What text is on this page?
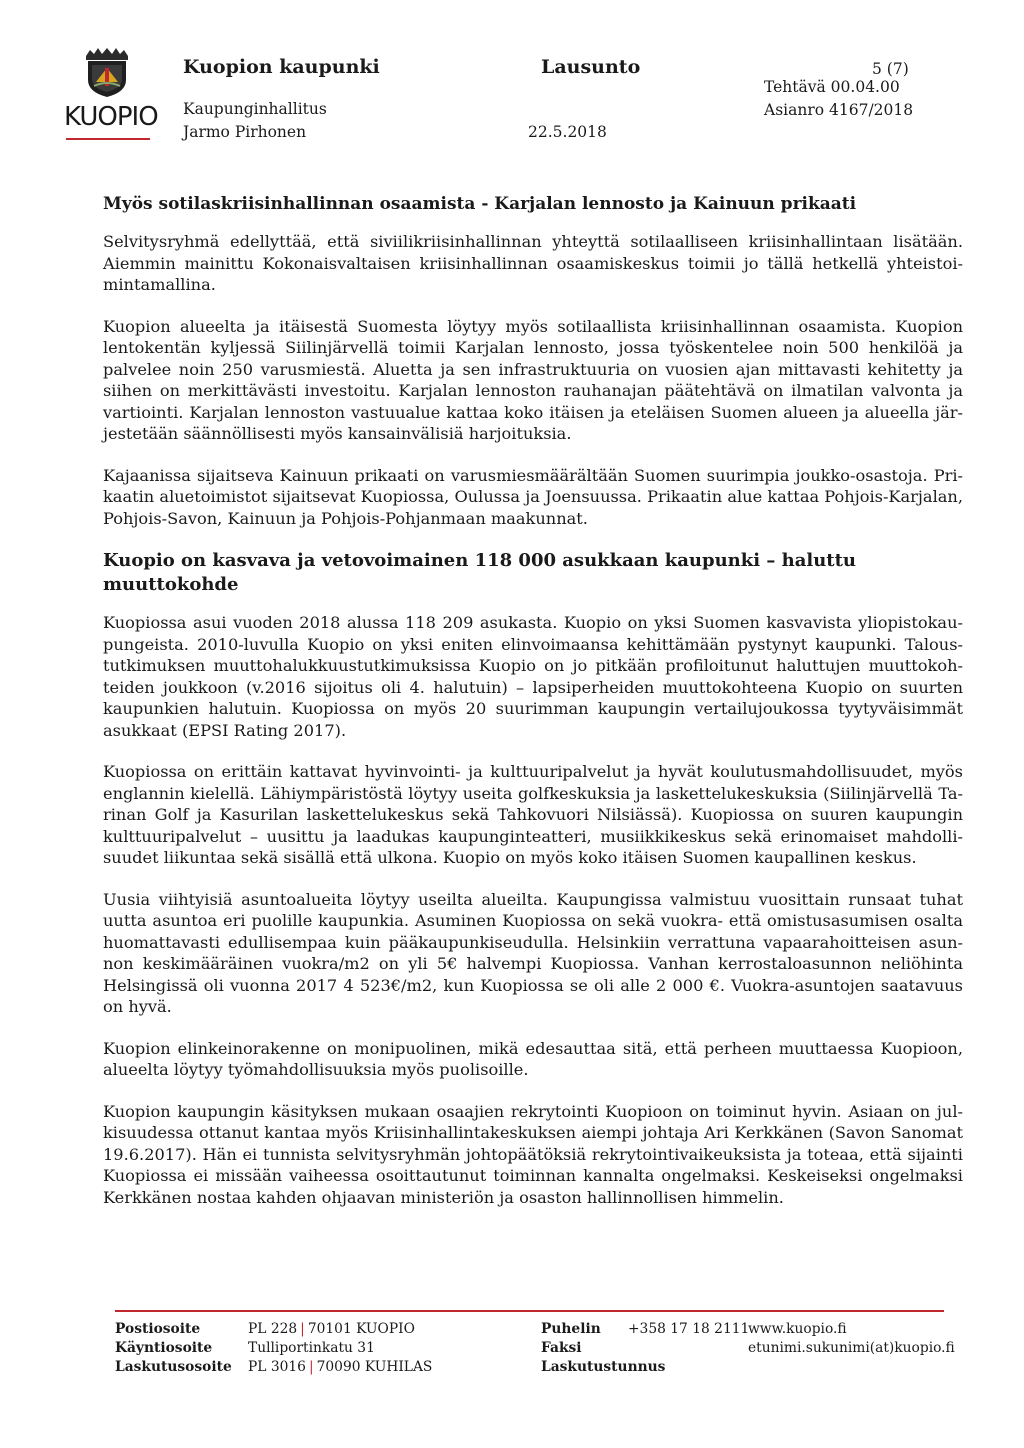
KUOPIO
Kuopion kaupunki
Kaupunginhallitus
Jarmo Pirhonen
Lausunto
22.5.2018
5 (7)
Tehtävä 00.04.00
Asianro 4167/2018
Myös sotilaskriisinhallinnan osaamista - Karjalan lennosto ja Kainuun prikaati

Selvitysryhmä edellyttää, että siviilikriisinhallinnan yhteyttä sotilaalliseen kriisinhallintaan lisätään. Aiemmin mainittu Kokonaisvaltaisen kriisinhallinnan osaamiskeskus toimii jo tällä hetkellä yhteistoimintamallina.

Kuopion alueelta ja itäisestä Suomesta löytyy myös sotilaallista kriisinhallinnan osaamista. Kuopion lentokentän kyljessä Siilinjärvellä toimii Karjalan lennosto, jossa työskentelee noin 500 henkilöä ja palvelee noin 250 varusmiestä. Aluetta ja sen infrastruktuuria on vuosien ajan mittavasti kehitetty ja siihen on merkittävästi investoitu. Karjalan lennoston rauhanajan päätehtävä on ilmatilan valvonta ja vartiointi. Karjalan lennoston vastuualue kattaa koko itäisen ja eteläisen Suomen alueen ja alueella järjestetään säännöllisesti myös kansainvälisiä harjoituksia.

Kajaanissa sijaitseva Kainuun prikaati on varusmiesmäärältään Suomen suurimpia joukko-osastoja. Prikaatin aluetoimistot sijaitsevat Kuopiossa, Oulussa ja Joensuussa. Prikaatin alue kattaa Pohjois-Karjalan, Pohjois-Savon, Kainuun ja Pohjois-Pohjanmaan maakunnat.

Kuopio on kasvava ja vetovoimainen 118 000 asukkaan kaupunki – haluttu muuttokohde

Kuopiossa asui vuoden 2018 alussa 118 209 asukasta. Kuopio on yksi Suomen kasvavista yliopistokaupungeista. 2010-luvulla Kuopio on yksi eniten elinvoimaansa kehittämään pystynyt kaupunki. Taloustutkimuksen muuttohalukkuustutkimuksissa Kuopio on jo pitkään profiloitunut haluttujen muuttokohteiden joukkoon (v.2016 sijoitus oli 4. halutuin) – lapsiperheiden muuttokohteena Kuopio on suurten kaupunkien halutuin. Kuopiossa on myös 20 suurimman kaupungin vertailujoukossa tyytyväisimmät asukkaat (EPSI Rating 2017).

Kuopiossa on erittäin kattavat hyvinvointi- ja kulttuuripalvelut ja hyvät koulutusmahdollisuudet, myös englannin kielellä. Lähiympäristöstä löytyy useita golfkeskuksia ja laskettelukeskuksia (Siilinjärvellä Tarinan Golf ja Kasurilan laskettelukeskus sekä Tahkovuori Nilsiässä). Kuopiossa on suuren kaupungin kulttuuripalvelut – uusittu ja laadukas kaupunginteatteri, musiikkikeskus sekä erinomaiset mahdollisuudet liikuntaa sekä sisällä että ulkona. Kuopio on myös koko itäisen Suomen kaupallinen keskus.

Uusia viihtyisiä asuntoalueita löytyy useilta alueilta. Kaupungissa valmistuu vuosittain runsaat tuhat uutta asuntoa eri puolille kaupunkia. Asuminen Kuopiossa on sekä vuokra- että omistusasumisen osalta huomattavasti edullisempaa kuin pääkaupunkiseudulla. Helsinkiin verrattuna vapaarahoitteisen asunnon keskimääräinen vuokra/m2 on yli 5€ halvempi Kuopiossa. Vanhan kerrostaloasunnon neliöhinta Helsingissä oli vuonna 2017 4 523€/m2, kun Kuopiossa se oli alle 2 000 €. Vuokra-asuntojen saatavuus on hyvä.

Kuopion elinkeinorakenne on monipuolinen, mikä edesauttaa sitä, että perheen muuttaessa Kuopioon, alueelta löytyy työmahdollisuuksia myös puolisoille.

Kuopion kaupungin käsityksen mukaan osaajien rekrytointi Kuopioon on toiminut hyvin. Asiaan on julkisuudessa ottanut kantaa myös Kriisinhallintakeskuksen aiempi johtaja Ari Kerkkänen (Savon Sanomat 19.6.2017). Hän ei tunnista selvitysryhmän johtopäätöksiä rekrytointivaikeuksista ja toteaa, että sijainti Kuopiossa ei missään vaiheessa osoittautunut toiminnan kannalta ongelmaksi. Keskeiseksi ongelmaksi Kerkkänen nostaa kahden ohjaavan ministeriön ja osaston hallinnollisen himmelin.

Postiosoite
Käyntiosoite
Laskutusosoite
PL 228 | 70101 KUOPIO
Tulliportinkatu 31
PL 3016 | 70090 KUHILAS
Puhelin
Faksi
Laskutustunnus
+358 17 18 2111
www.kuopio.fi
etunimi.sukunimi(at)kuopio.fi
